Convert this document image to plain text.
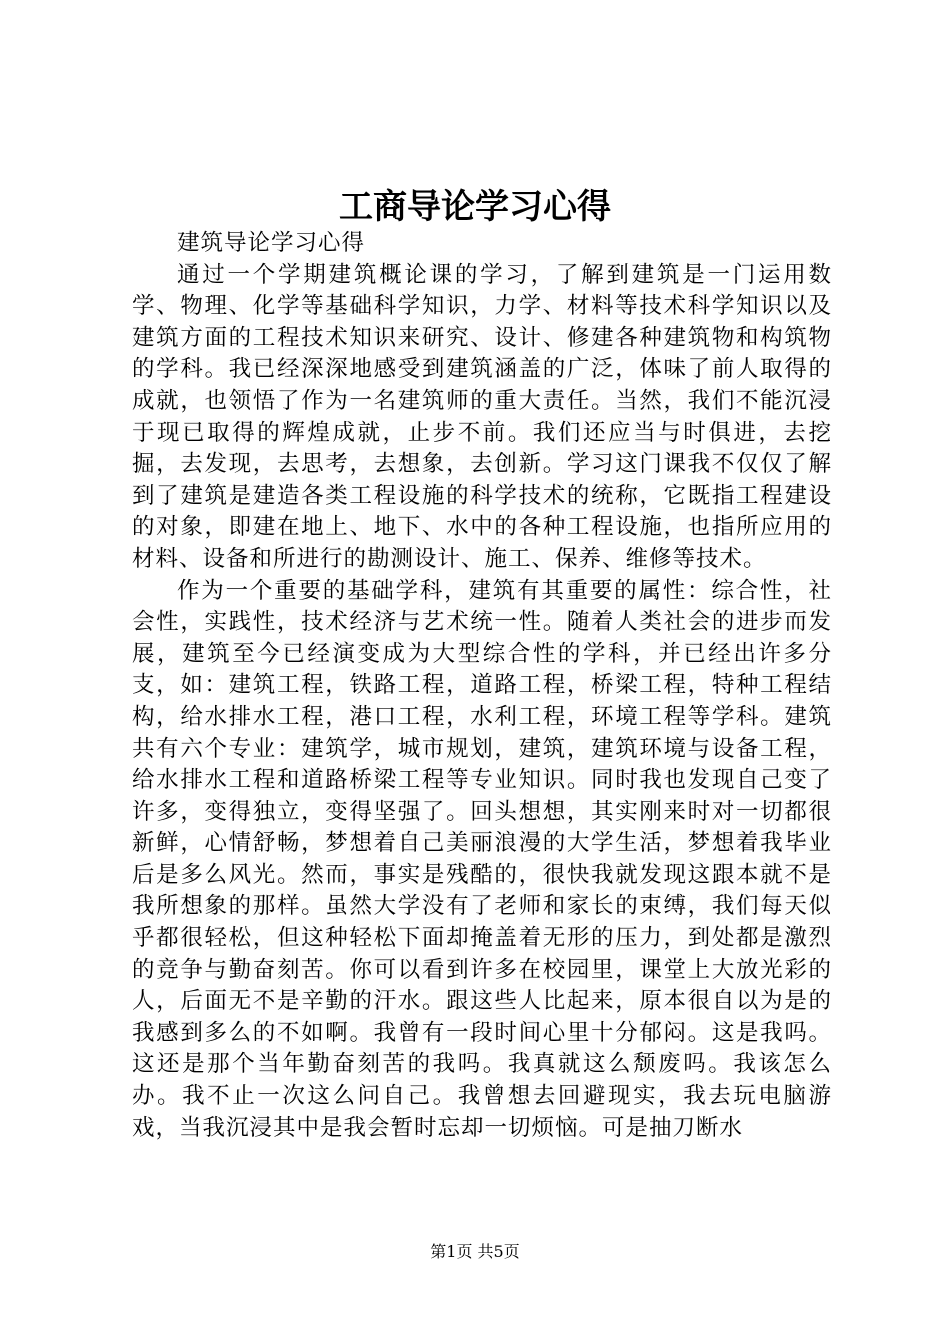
工商导论学习心得

建筑导论学习心得

通过一个学期建筑概论课的学习，了解到建筑是一门运用数学、物理、化学等基础科学知识，力学、材料等技术科学知识以及建筑方面的工程技术知识来研究、设计、修建各种建筑物和构筑物的学科。我已经深深地感受到建筑涵盖的广泛，体味了前人取得的成就，也领悟了作为一名建筑师的重大责任。当然，我们不能沉浸于现已取得的辉煌成就，止步不前。我们还应当与时俱进，去挖掘，去发现，去思考，去想象，去创新。学习这门课我不仅仅了解到了建筑是建造各类工程设施的科学技术的统称，它既指工程建设的对象，即建在地上、地下、水中的各种工程设施，也指所应用的材料、设备和所进行的勘测设计、施工、保养、维修等技术。

作为一个重要的基础学科，建筑有其重要的属性：综合性，社会性，实践性，技术经济与艺术统一性。随着人类社会的进步而发展，建筑至今已经演变成为大型综合性的学科，并已经出许多分支，如：建筑工程，铁路工程，道路工程，桥梁工程，特种工程结构，给水排水工程，港口工程，水利工程，环境工程等学科。建筑共有六个专业：建筑学，城市规划，建筑，建筑环境与设备工程，给水排水工程和道路桥梁工程等专业知识。同时我也发现自己变了许多，变得独立，变得坚强了。回头想想，其实刚来时对一切都很新鲜，心情舒畅，梦想着自己美丽浪漫的大学生活，梦想着我毕业后是多么风光。然而，事实是残酷的，很快我就发现这跟本就不是我所想象的那样。虽然大学没有了老师和家长的束缚，我们每天似乎都很轻松，但这种轻松下面却掩盖着无形的压力，到处都是激烈的竞争与勤奋刻苦。你可以看到许多在校园里，课堂上大放光彩的人，后面无不是辛勤的汗水。跟这些人比起来，原本很自以为是的我感到多么的不如啊。我曾有一段时间心里十分郁闷。这是我吗。这还是那个当年勤奋刻苦的我吗。我真就这么颓废吗。我该怎么办。我不止一次这么问自己。我曾想去回避现实，我去玩电脑游戏，当我沉浸其中是我会暂时忘却一切烦恼。可是抽刀断水

第1页 共5页
